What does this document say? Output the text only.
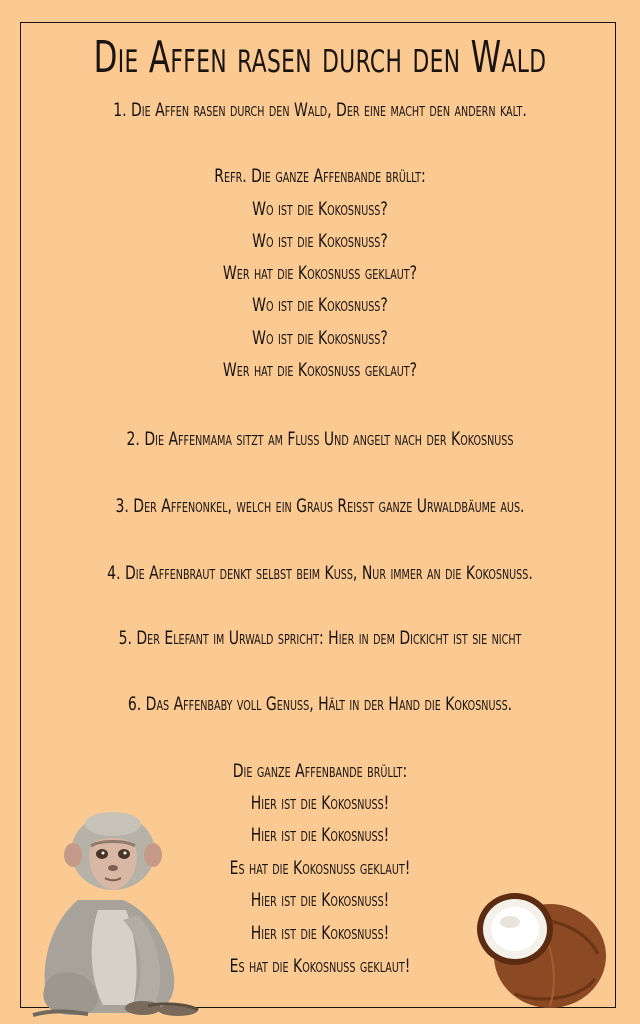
Die Affen rasen durch den Wald
1. Die Affen rasen durch den Wald, Der eine macht den andern kalt.
Refr. Die ganze Affenbande brüllt:
Wo ist die Kokosnuss?
Wo ist die Kokosnuss?
Wer hat die Kokosnuss geklaut?
Wo ist die Kokosnuss?
Wo ist die Kokosnuss?
Wer hat die Kokosnuss geklaut?
2. Die Affenmama sitzt am Fluss Und angelt nach der Kokosnuss
3. Der Affenonkel, welch ein Graus Reißt ganze Urwaldbäume aus.
4. Die Affenbraut denkt selbst beim Kuss, Nur immer an die Kokosnuss.
5. Der Elefant im Urwald spricht: Hier in dem Dickicht ist sie nicht
6. Das Affenbaby voll Genuss, Hält in der Hand die Kokosnuss.
Die ganze Affenbande brüllt:
Hier ist die Kokosnuss!
Hier ist die Kokosnuss!
Es hat die Kokosnuss geklaut!
Hier ist die Kokosnuss!
Hier ist die Kokosnuss!
Es hat die Kokosnuss geklaut!
